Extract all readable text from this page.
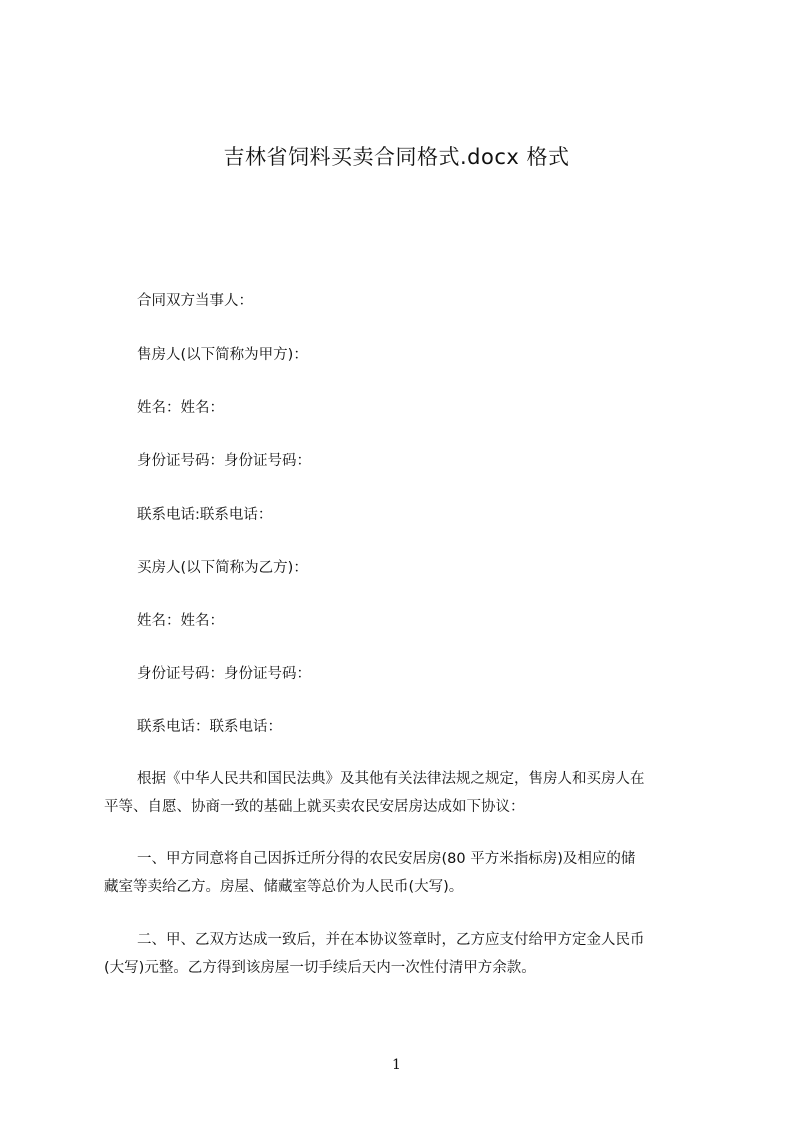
吉林省饲料买卖合同格式.docx 格式
合同双方当事人：
售房人(以下简称为甲方)：
姓名：姓名：
身份证号码：身份证号码：
联系电话:联系电话：
买房人(以下简称为乙方)：
姓名：姓名：
身份证号码：身份证号码：
联系电话：联系电话：
根据《中华人民共和国民法典》及其他有关法律法规之规定，售房人和买房人在
平等、自愿、协商一致的基础上就买卖农民安居房达成如下协议：
一、甲方同意将自己因拆迁所分得的农民安居房(80 平方米指标房)及相应的储
藏室等卖给乙方。房屋、储藏室等总价为人民币(大写)。
二、甲、乙双方达成一致后，并在本协议签章时，乙方应支付给甲方定金人民币
(大写)元整。乙方得到该房屋一切手续后天内一次性付清甲方余款。
1
